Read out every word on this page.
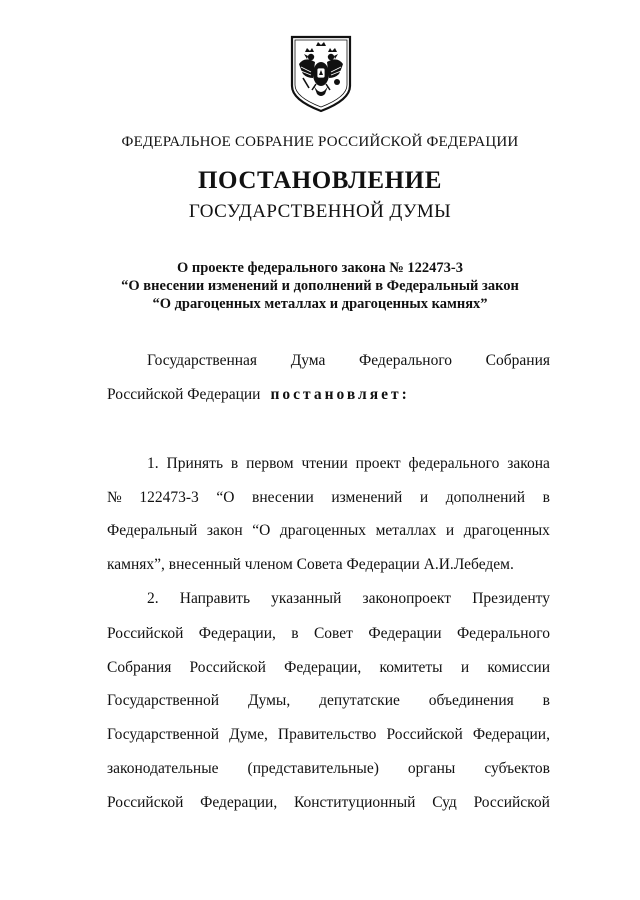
ФЕДЕРАЛЬНОЕ СОБРАНИЕ РОССИЙСКОЙ ФЕДЕРАЦИИ
ПОСТАНОВЛЕНИЕ
ГОСУДАРСТВЕННОЙ ДУМЫ
О проекте федерального закона № 122473-3
“О внесении изменений и дополнений в Федеральный закон
“О драгоценных металлах и драгоценных камнях”
Государственная Дума Федерального Собрания
Российской Федерации постановляет:
1. Принять в первом чтении проект федерального закона
№ 122473-3 “О внесении изменений и дополнений в
Федеральный закон “О драгоценных металлах и драгоценных
камнях”, внесенный членом Совета Федерации А.И.Лебедем.
2. Направить указанный законопроект Президенту
Российской Федерации, в Совет Федерации Федерального
Собрания Российской Федерации, комитеты и комиссии
Государственной Думы, депутатские объединения в
Государственной Думе, Правительство Российской Федерации,
законодательные (представительные) органы субъектов
Российской Федерации, Конституционный Суд Российской
